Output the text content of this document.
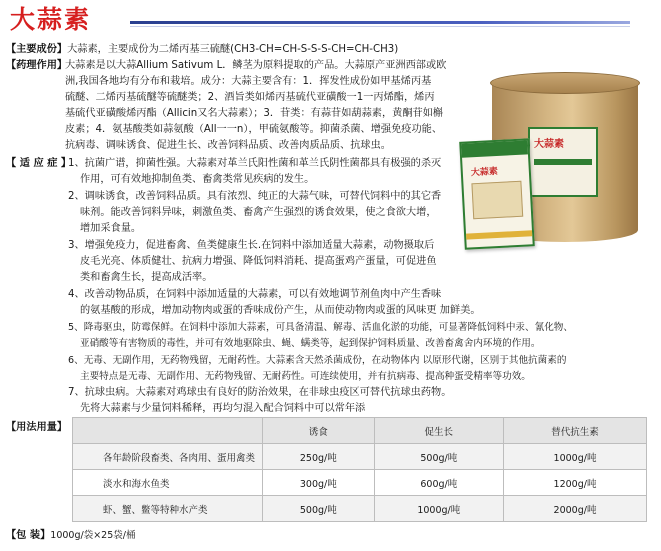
大蒜素
【主要成份】大蒜素，主要成份为二烯丙基三硫醚(CH3-CH=CH-S-S-S-CH=CH-CH3)
【药理作用】
大蒜素是以大蒜Allium Sativum L．鳞茎为原料提取的产品。大蒜原产亚洲西部或欧
洲,我国各地均有分布和栽培。成分：大蒜主要含有：1．挥发性成份如甲基烯丙基
硫醚、二烯丙基硫醚等硫醚类；2、酒旨类如烯丙基硫代亚磺酸一1一丙烯酯，烯丙
基硫代亚磺酸烯丙酯（Allicin又名大蒜素）；3．苷类：有蒜苷如葫蒜素，黄酮苷如槲
皮素；4．氨基酸类如蒜氨酸（All一一n），甲硫氨酸等。抑菌杀菌、增强免疫功能、
抗病毒、调味诱食、促进生长、改善饲料品质、改善肉质品质、抗球虫。
【 适 应 症 】
1、抗菌广谱，抑菌性强。大蒜素对革兰氏阳性菌和革兰氏阴性菌都具有极强的杀灭
作用，可有效地抑制鱼类、畜禽类常见疾病的发生。
2、调味诱食，改善饲料品质。具有浓烈、纯正的大蒜气味，可替代饲料中的其它香
味剂。能改善饲料异味，刺激鱼类、畜禽产生强烈的诱食效果，使之食欲大增，
增加采食量。
3、增强免疫力，促进畜禽、鱼类健康生长.在饲料中添加适量大蒜素，动物摄取后
皮毛光亮、体质健壮、抗病力增强、降低饲料消耗、提高蛋鸡产蛋量，可促进鱼
类和畜禽生长，提高成活率。
4、改善动物品质，在饲料中添加适量的大蒜素，可以有效地调节剂鱼肉中产生香味
的氨基酸的形成，增加动物肉或蛋的香味成份产生，从而使动物肉或蛋的风味更 加鲜美。
5、降毒驱虫，防霉保鲜。在饲料中添加大蒜素，可具备清温、解毒、活血化淤的功能，可显著降低饲料中汞、氰化物、
亚硝酸等有害物质的毒性，并可有效地驱除虫、蝇、螨类等，起到保护饲料质量、改善畜禽舍内环境的作用。
6、无毒、无副作用，无药物残留，无耐药性。大蒜素含天然杀菌成份，在动物体内 以原形代谢，区别于其他抗菌素的
主要特点是无毒、无副作用、无药物残留、无耐药性。可连续使用，并有抗病毒、提高种蛋受精率等功效。
7、抗球虫病。大蒜素对鸡球虫有良好的防治效果，在非球虫疫区可替代抗球虫药物。
先将大蒜素与少量饲料稀释，再均匀混入配合饲料中可以常年添
大蒜素
大蒜素
【用法用量】
		诱食	促生长	替代抗生素
各年龄阶段畜类、各肉用、蛋用禽类	250g/吨	500g/吨	1000g/吨
淡水和海水鱼类	300g/吨	600g/吨	1200g/吨
虾、蟹、鳖等特种水产类	500g/吨	1000g/吨	2000g/吨
【包 装】1000g/袋×25袋/桶
